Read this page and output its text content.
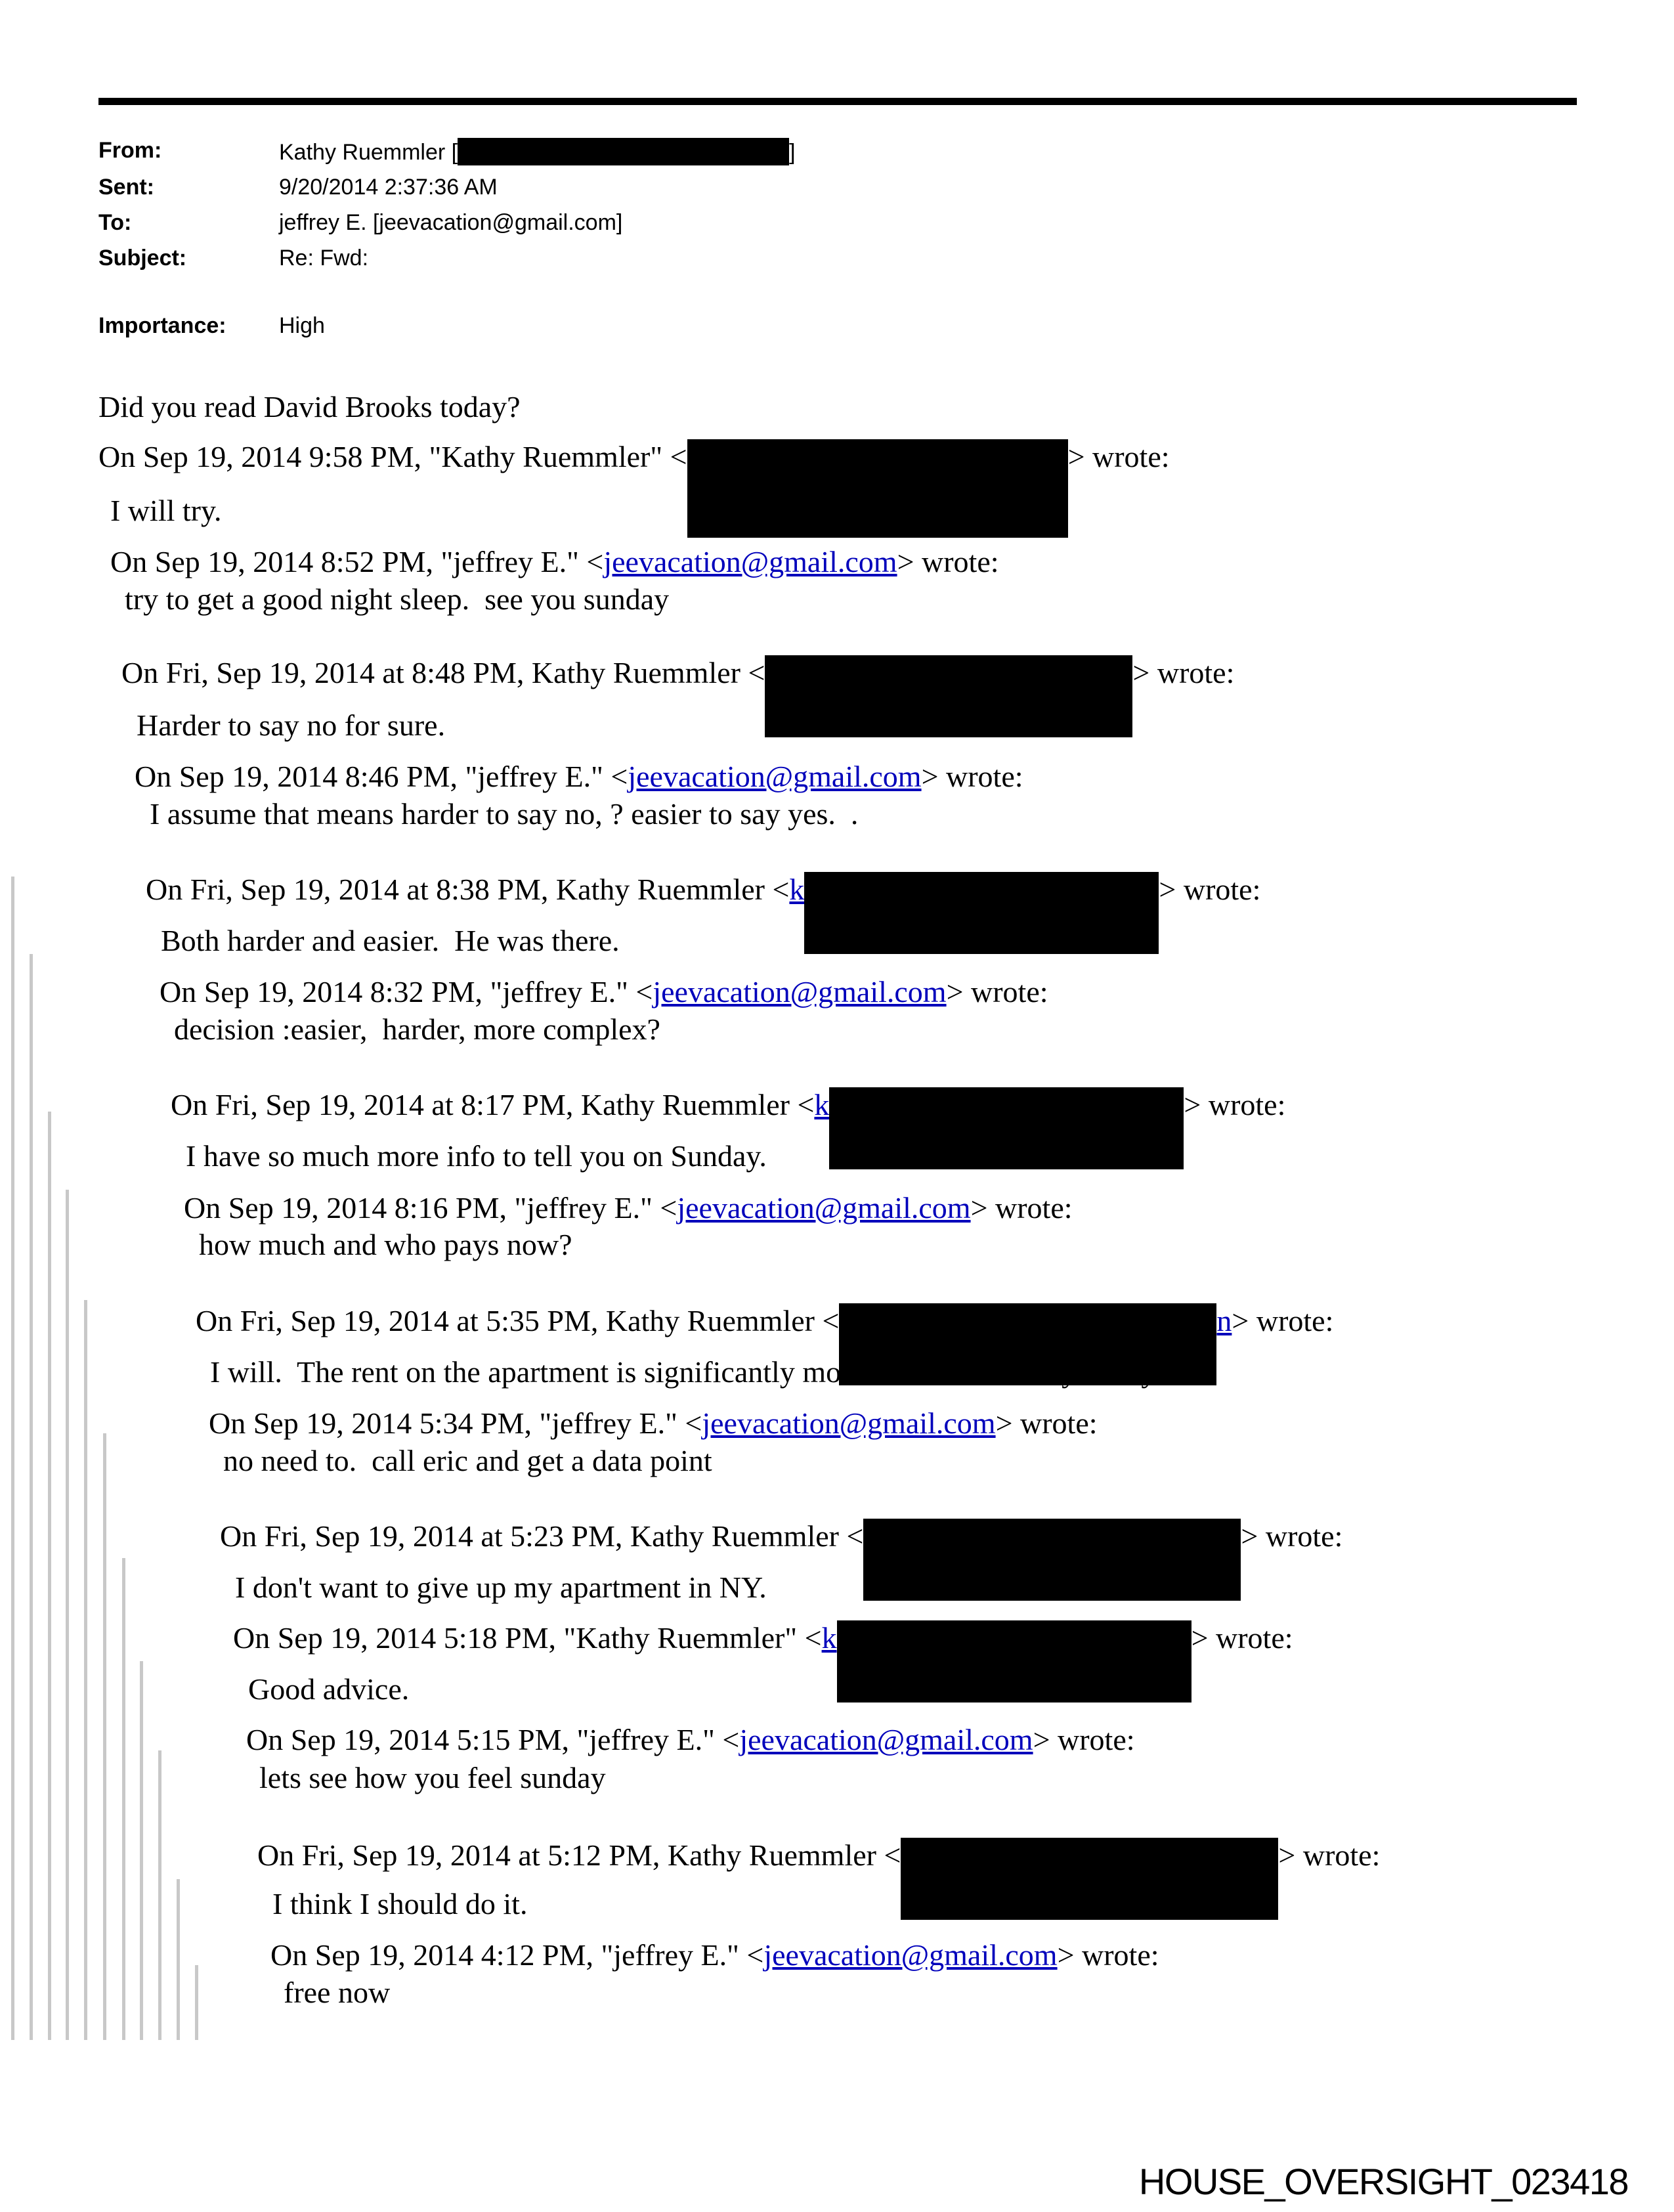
From:	Kathy Ruemmler [	]
Sent:	9/20/2014 2:37:36 AM
To:	jeffrey E. [jeevacation@gmail.com]
Subject:	Re: Fwd:
Importance: High
Did you read David Brooks today?
On Sep 19, 2014 9:58 PM, "Kathy Ruemmler" <	> wrote:
I will try.
On Sep 19, 2014 8:52 PM, "jeffrey E." <jeevacation@gmail.com> wrote:
try to get a good night sleep.  see you sunday
On Fri, Sep 19, 2014 at 8:48 PM, Kathy Ruemmler <	> wrote:
Harder to say no for sure.
On Sep 19, 2014 8:46 PM, "jeffrey E." <jeevacation@gmail.com> wrote:
I assume that means harder to say no, ? easier to say yes.  .
On Fri, Sep 19, 2014 at 8:38 PM, Kathy Ruemmler <k	> wrote:
Both harder and easier.  He was there.
On Sep 19, 2014 8:32 PM, "jeffrey E." <jeevacation@gmail.com> wrote:
decision :easier,  harder, more complex?
On Fri, Sep 19, 2014 at 8:17 PM, Kathy Ruemmler <k	> wrote:
I have so much more info to tell you on Sunday.
On Sep 19, 2014 8:16 PM, "jeffrey E." <jeevacation@gmail.com> wrote:
how much and who pays now?
On Fri, Sep 19, 2014 at 5:35 PM, Kathy Ruemmler <	n> wrote:
I will.  The rent on the apartment is significantly more than the monthly salary.
On Sep 19, 2014 5:34 PM, "jeffrey E." <jeevacation@gmail.com> wrote:
no need to.  call eric and get a data point
On Fri, Sep 19, 2014 at 5:23 PM, Kathy Ruemmler <	> wrote:
I don't want to give up my apartment in NY.
On Sep 19, 2014 5:18 PM, "Kathy Ruemmler" <k	> wrote:
Good advice.
On Sep 19, 2014 5:15 PM, "jeffrey E." <jeevacation@gmail.com> wrote:
lets see how you feel sunday
On Fri, Sep 19, 2014 at 5:12 PM, Kathy Ruemmler <	> wrote:
I think I should do it.
On Sep 19, 2014 4:12 PM, "jeffrey E." <jeevacation@gmail.com> wrote:
free now
HOUSE_OVERSIGHT_023418
